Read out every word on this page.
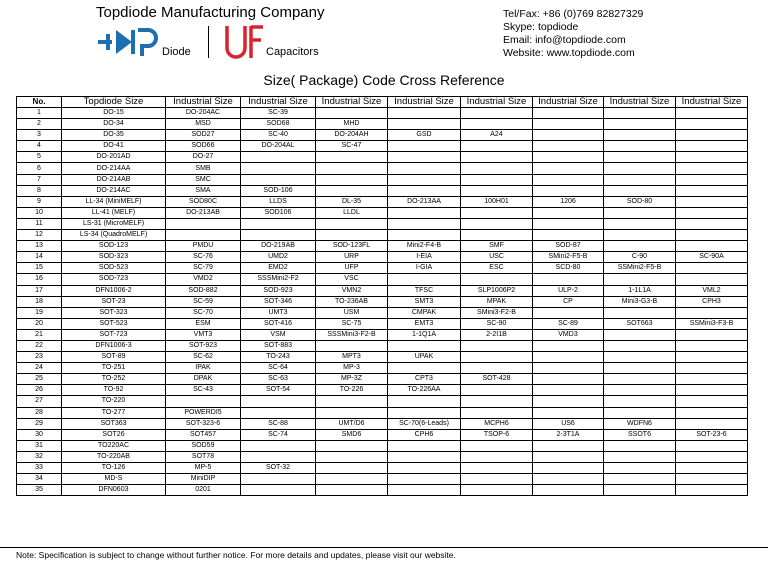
Topdiode Manufacturing Company	Tel/Fax: +86 (0)769 82827329
Skype: topdiode
Email: info@topdiode.com
Website: www.topdiode.com
Diode	Capacitors
Size( Package) Code Cross Reference
No.	Topdiode Size	Industrial Size	Industrial Size	Industrial Size	Industrial Size	Industrial Size	Industrial Size	Industrial Size	Industrial Size
1	DO-15	DO-204AC	SC-39						
2	DO-34	MSD	SOD68	MHD					
3	DO-35	SOD27	SC-40	DO-204AH	GSD	A24			
4	DO-41	SOD66	DO-204AL	SC-47					
5	DO-201AD	DO-27							
6	DO-214AA	SMB							
7	DO-214AB	SMC							
8	DO-214AC	SMA	SOD-106						
9	LL-34 (MiniMELF)	SOD80C	LLDS	DL-35	DO-213AA	100H01	1206	SOD-80	
10	LL-41 (MELF)	DO-213AB	SOD106	LLDL					
11	LS-31 (MicroMELF)								
12	LS-34 (QuadroMELF)								
13	SOD-123	PMDU	DO-219AB	SOD-123FL	Mini2-F4-B	SMF	SOD-87		
14	SOD-323	SC-76	UMD2	URP	I-EIA	USC	SMini2-F5-B	C-90	SC-90A
15	SOD-523	SC-79	EMD2	UFP	I-GIA	ESC	SCD-80	SSMini2-F5-B	
16	SOD-723	VMD2	SSSMini2-F2	VSC					
17	DFN1006-2	SOD-882	SOD-923	VMN2	TFSC	SLP1006P2	ULP-2	1-1L1A	VML2
18	SOT-23	SC-59	SOT-346	TO-236AB	SMT3	MPAK	CP	Mini3-G3-B	CPH3
19	SOT-323	SC-70	UMT3	USM	CMPAK	SMini3-F2-B			
20	SOT-523	ESM	SOT-416	SC-75	EMT3	SC-90	SC-89	SOT663	SSMini3-F3-B
21	SOT-723	VMT3	VSM	SSSMini3-F2-B	1-1Q1A	2-2I1B	VMD3		
22	DFN1006-3	SOT-923	SOT-883						
23	SOT-89	SC-62	TO-243	MPT3	UPAK				
24	TO-251	IPAK	SC-64	MP-3					
25	TO-252	DPAK	SC-63	MP-3Z	CPT3	SOT-428			
26	TO-92	SC-43	SOT-54	TO-226	TO-226AA				
27	TO-220								
28	TO-277	POWERDI5							
29	SOT363	SOT-323-6	SC-88	UMT/D6	SC-70(6-Leads)	MCPH6	US6	WDFN6	
30	SOT26	SOT457	SC-74	SMD6	CPH6	TSOP-6	2-3T1A	SSOT6	SOT-23-6
31	TO220AC	SOD59							
32	TO-220AB	SOT78							
33	TO-126	MP-5	SOT-32						
34	MD-S	MiniDIP							
35	DFN0603	0201							
Note: Specification is subject to change without further notice. For more details and updates, please visit our website.
